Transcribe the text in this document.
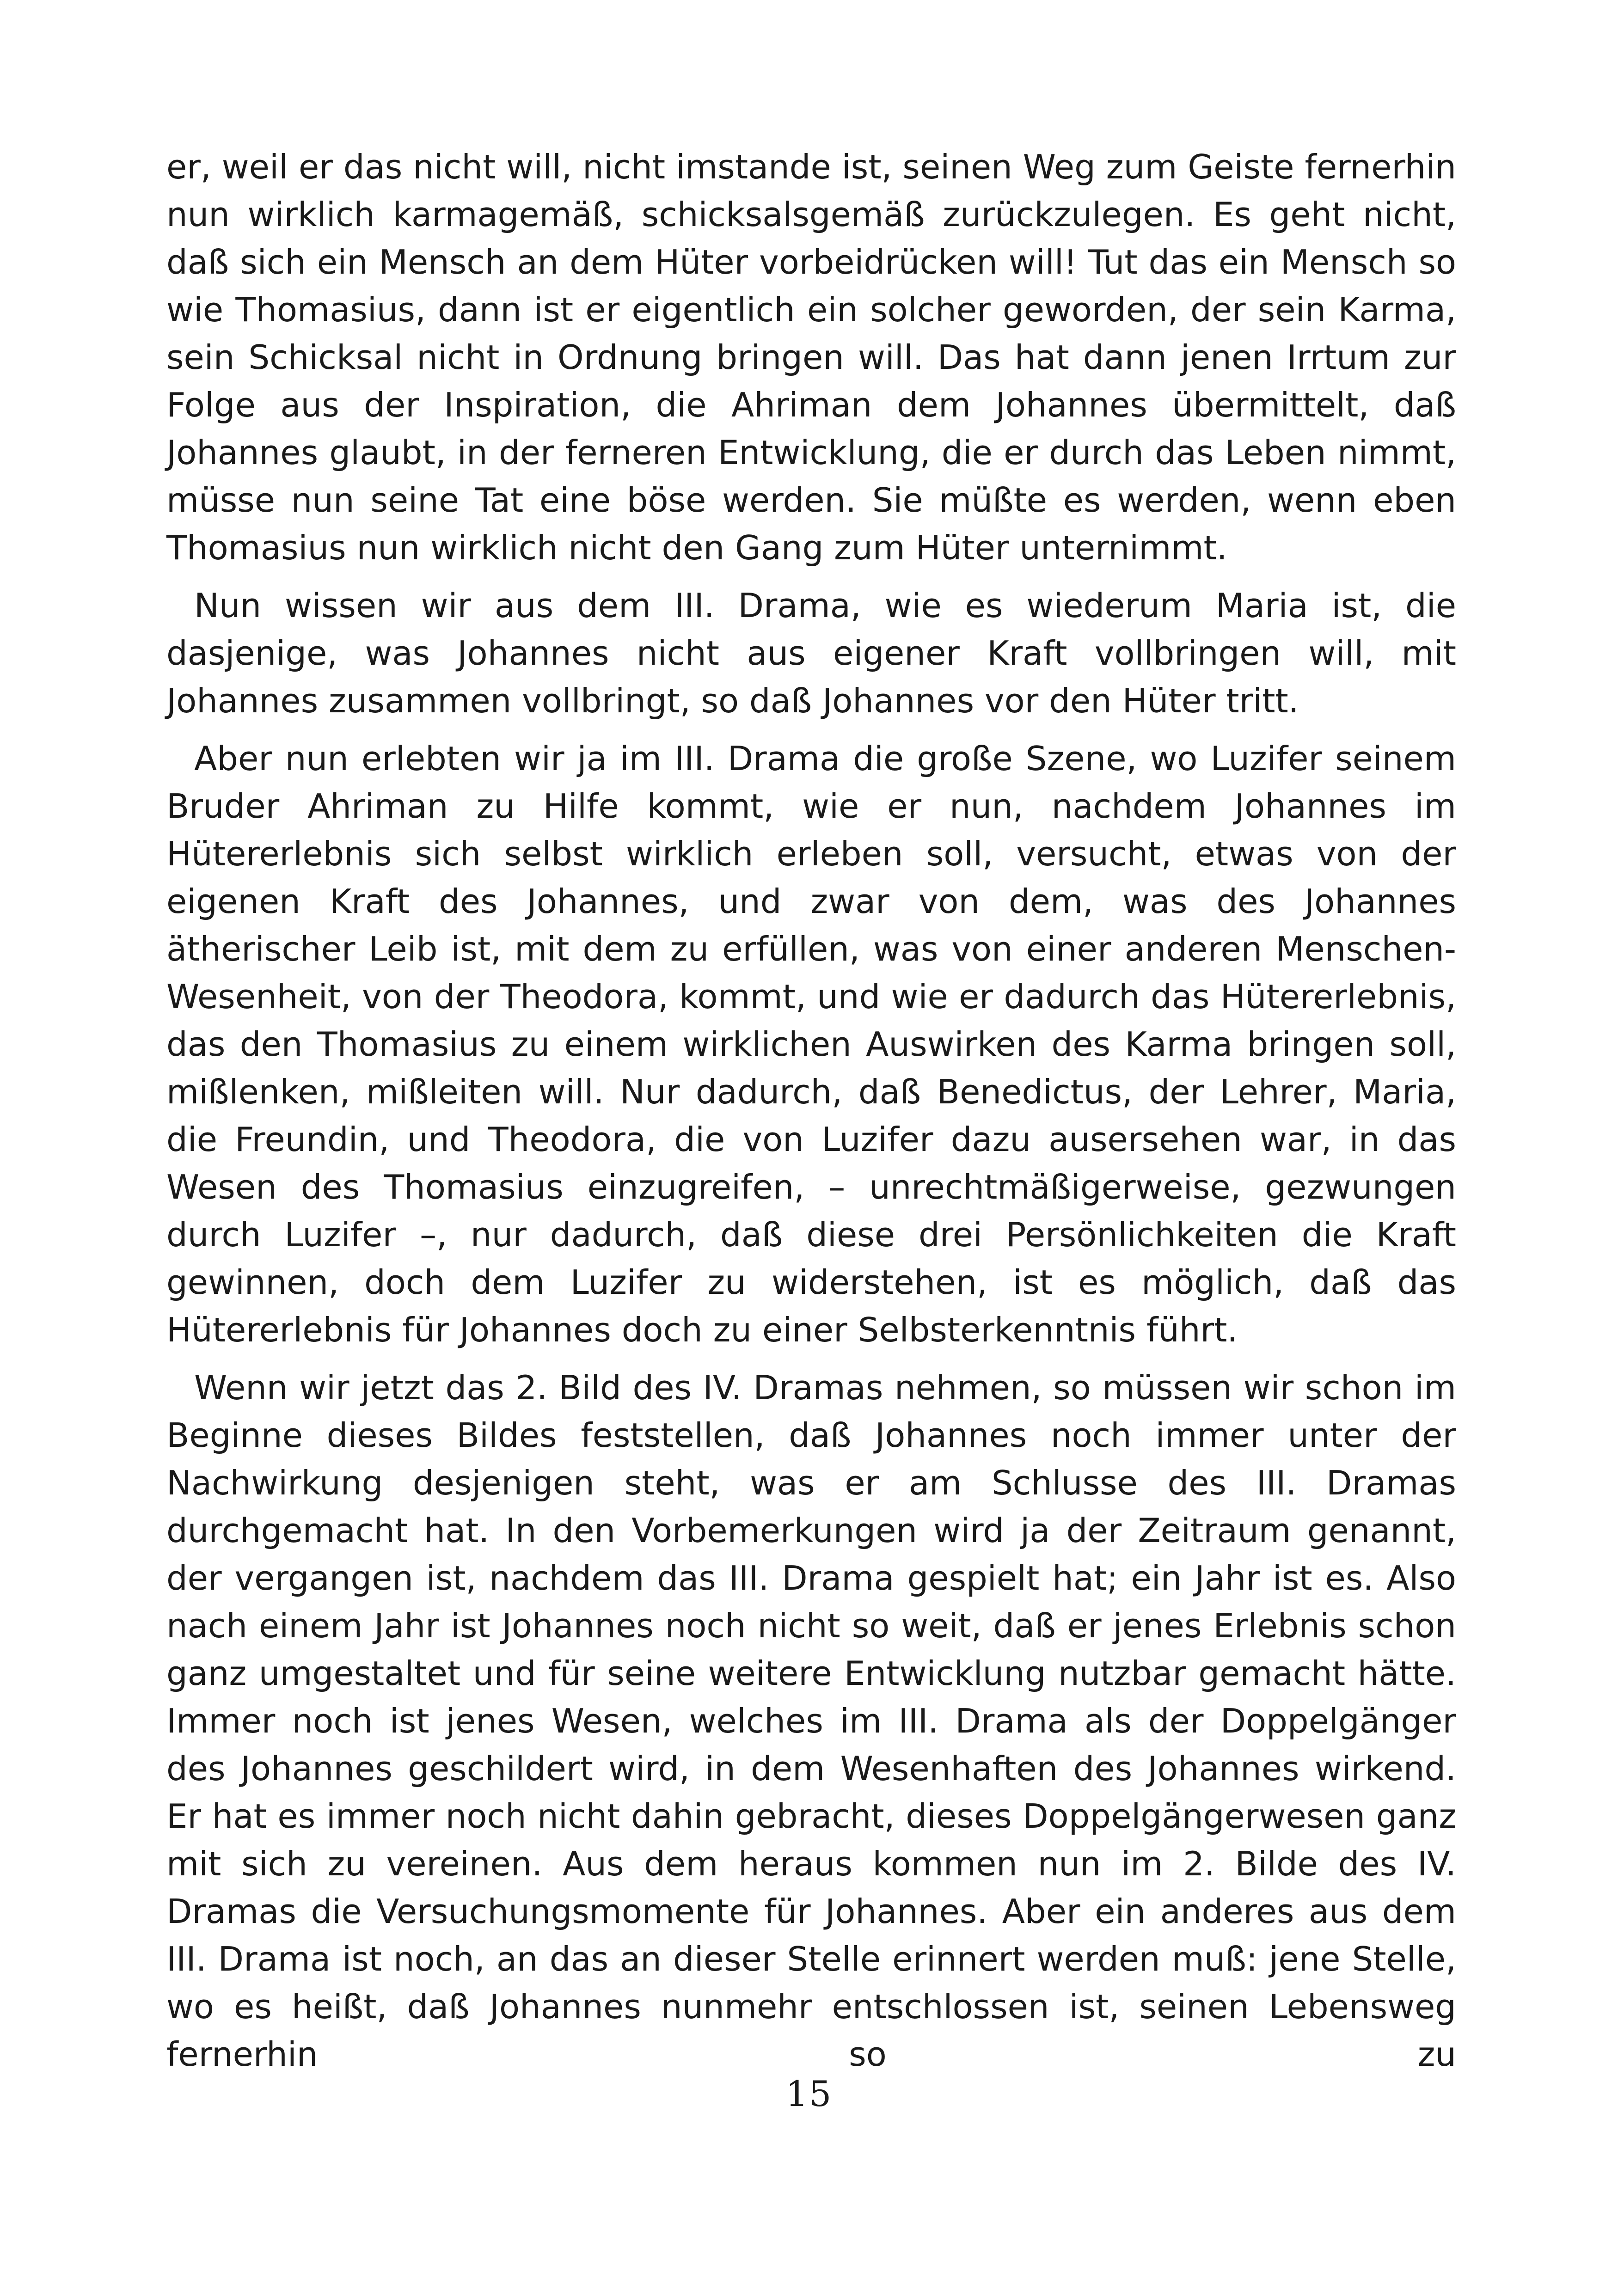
er, weil er das nicht will, nicht imstande ist, seinen Weg zum Geiste fernerhin nun wirklich karmagemäß, schicksalsgemäß zurückzulegen. Es geht nicht, daß sich ein Mensch an dem Hüter vorbeidrücken will! Tut das ein Mensch so wie Thomasius, dann ist er eigentlich ein solcher geworden, der sein Karma, sein Schicksal nicht in Ordnung bringen will. Das hat dann jenen Irrtum zur Folge aus der Inspiration, die Ahriman dem Johannes übermittelt, daß Johannes glaubt, in der ferneren Entwicklung, die er durch das Leben nimmt, müsse nun seine Tat eine böse werden. Sie müßte es werden, wenn eben Thomasius nun wirklich nicht den Gang zum Hüter unternimmt.

Nun wissen wir aus dem III. Drama, wie es wiederum Maria ist, die dasjenige, was Johannes nicht aus eigener Kraft vollbringen will, mit Johannes zusammen vollbringt, so daß Johannes vor den Hüter tritt.

Aber nun erlebten wir ja im III. Drama die große Szene, wo Luzifer seinem Bruder Ahriman zu Hilfe kommt, wie er nun, nachdem Johannes im Hütererlebnis sich selbst wirklich erleben soll, versucht, etwas von der eigenen Kraft des Johannes, und zwar von dem, was des Johannes ätherischer Leib ist, mit dem zu erfüllen, was von einer anderen Menschen-Wesenheit, von der Theodora, kommt, und wie er dadurch das Hütererlebnis, das den Thomasius zu einem wirklichen Auswirken des Karma bringen soll, mißlenken, mißleiten will. Nur dadurch, daß Benedictus, der Lehrer, Maria, die Freundin, und Theodora, die von Luzifer dazu ausersehen war, in das Wesen des Thomasius einzugreifen, – unrechtmäßigerweise, gezwungen durch Luzifer –, nur dadurch, daß diese drei Persönlichkeiten die Kraft gewinnen, doch dem Luzifer zu widerstehen, ist es möglich, daß das Hütererlebnis für Johannes doch zu einer Selbsterkenntnis führt.

Wenn wir jetzt das 2. Bild des IV. Dramas nehmen, so müssen wir schon im Beginne dieses Bildes feststellen, daß Johannes noch immer unter der Nachwirkung desjenigen steht, was er am Schlusse des III. Dramas durchgemacht hat. In den Vorbemerkungen wird ja der Zeitraum genannt, der vergangen ist, nachdem das III. Drama gespielt hat; ein Jahr ist es. Also nach einem Jahr ist Johannes noch nicht so weit, daß er jenes Erlebnis schon ganz umgestaltet und für seine weitere Entwicklung nutzbar gemacht hätte. Immer noch ist jenes Wesen, welches im III. Drama als der Doppelgänger des Johannes geschildert wird, in dem Wesenhaften des Johannes wirkend. Er hat es immer noch nicht dahin gebracht, dieses Doppelgängerwesen ganz mit sich zu vereinen. Aus dem heraus kommen nun im 2. Bilde des IV. Dramas die Versuchungsmomente für Johannes. Aber ein anderes aus dem III. Drama ist noch, an das an dieser Stelle erinnert werden muß: jene Stelle, wo es heißt, daß Johannes nunmehr entschlossen ist, seinen Lebensweg fernerhin so zu

15
